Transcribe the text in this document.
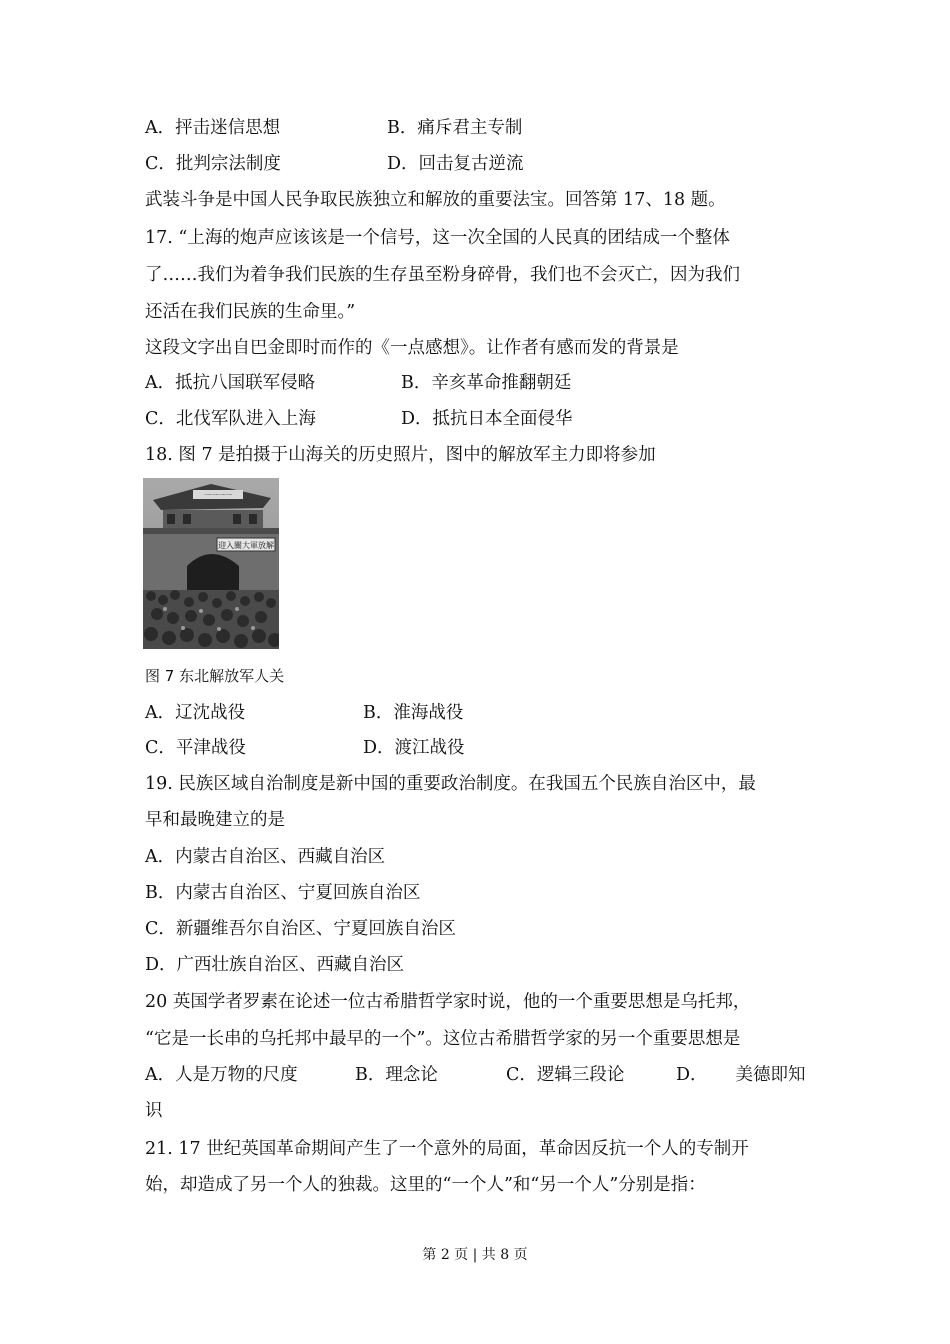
A．抨击迷信思想	B．痛斥君主专制
C．批判宗法制度	D．回击复古逆流
武装斗争是中国人民争取民族独立和解放的重要法宝。回答第 17、18 题。
17. “上海的炮声应该该是一个信号，这一次全国的人民真的团结成一个整体
了……我们为着争我们民族的生存虽至粉身碎骨，我们也不会灭亡，因为我们
还活在我们民族的生命里。”
这段文字出自巴金即时而作的《一点感想》。让作者有感而发的背景是
A．抵抗八国联军侵略	B．辛亥革命推翻朝廷
C．北伐军队进入上海	D．抵抗日本全面侵华
18. 图 7 是拍摄于山海关的历史照片，图中的解放军主力即将参加
一一一一
迎入關大軍放解
图 7 东北解放军人关
A．辽沈战役	B．淮海战役
C．平津战役	D．渡江战役
19. 民族区域自治制度是新中国的重要政治制度。在我国五个民族自治区中，最
早和最晚建立的是
A．内蒙古自治区、西藏自治区
B．内蒙古自治区、宁夏回族自治区
C．新疆维吾尔自治区、宁夏回族自治区
D．广西壮族自治区、西藏自治区
20 英国学者罗素在论述一位古希腊哲学家时说，他的一个重要思想是乌托邦，
“它是一长串的乌托邦中最早的一个”。这位古希腊哲学家的另一个重要思想是
A．人是万物的尺度	B．理念论	C．逻辑三段论	D． 美德即知
识
21. 17 世纪英国革命期间产生了一个意外的局面，革命因反抗一个人的专制开
始，却造成了另一个人的独裁。这里的“一个人”和“另一个人”分别是指：
第 2 页 | 共 8 页
